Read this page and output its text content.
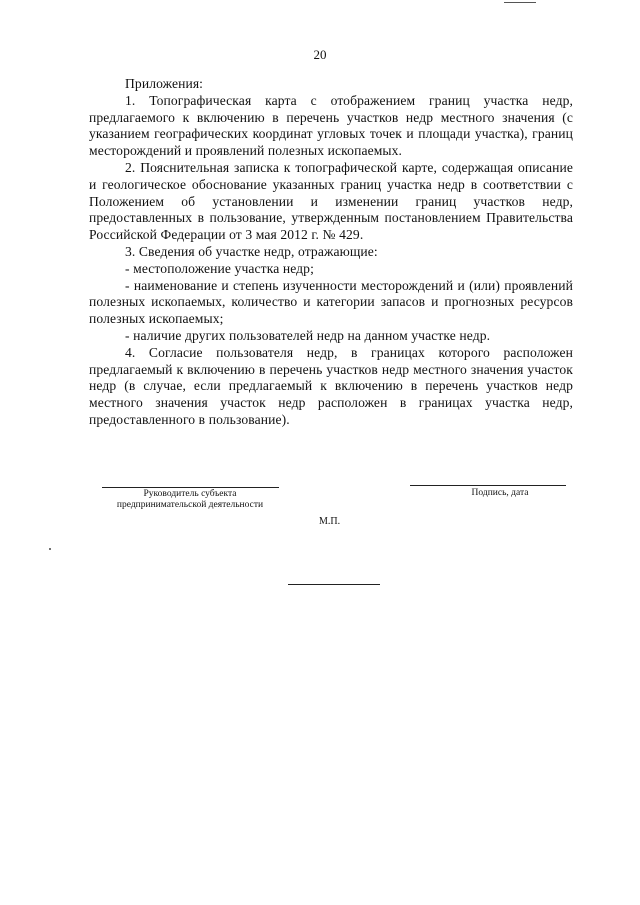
20

Приложения:

1. Топографическая карта с отображением границ участка недр, предлагаемого к включению в перечень участков недр местного значения (с указанием географических координат угловых точек и площади участка), границ месторождений и проявлений полезных ископаемых.

2. Пояснительная записка к топографической карте, содержащая описание и геологическое обоснование указанных границ участка недр в соответствии с Положением об установлении и изменении границ участков недр, предоставленных в пользование, утвержденным постановлением Правительства Российской Федерации от 3 мая 2012 г. № 429.

3. Сведения об участке недр, отражающие:

- местоположение участка недр;

- наименование и степень изученности месторождений и (или) проявлений полезных ископаемых, количество и категории запасов и прогнозных ресурсов полезных ископаемых;

- наличие других пользователей недр на данном участке недр.

4. Согласие пользователя недр, в границах которого расположен предлагаемый к включению в перечень участков недр местного значения участок недр (в случае, если предлагаемый к включению в перечень участков недр местного значения участок недр расположен в границах участка недр, предоставленного в пользование).

Руководитель субъекта
предпринимательской деятельности
Подпись, дата
М.П.
